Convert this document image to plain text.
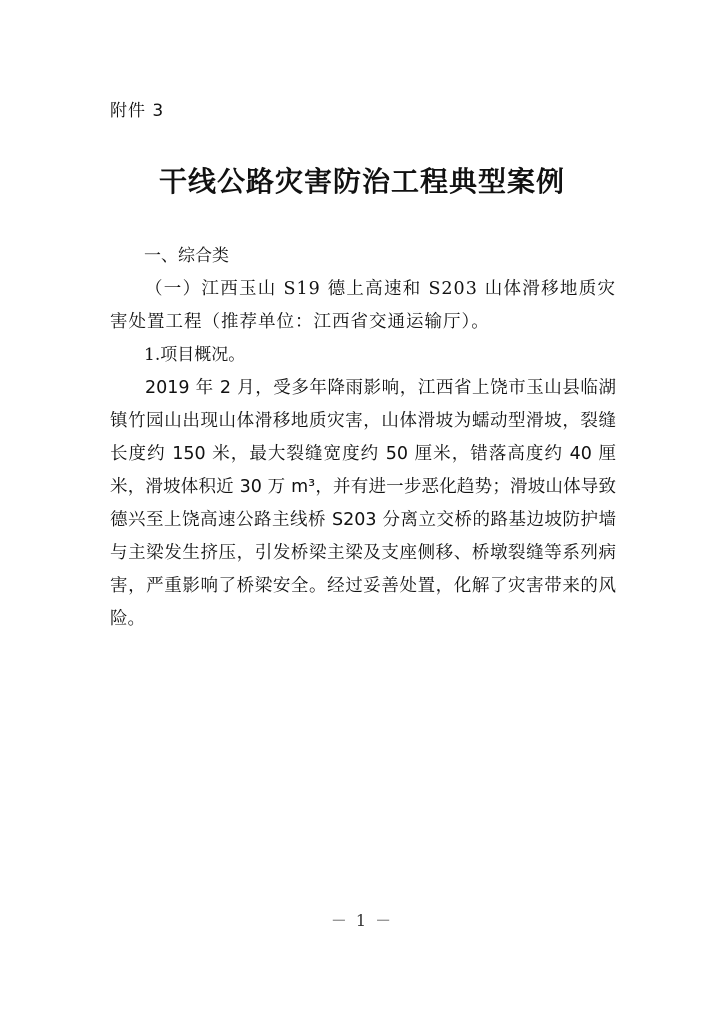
附件 3
干线公路灾害防治工程典型案例

一、综合类

（一）江西玉山 S19 德上高速和 S203 山体滑移地质灾害处置工程（推荐单位：江西省交通运输厅）。

1.项目概况。

2019 年 2 月，受多年降雨影响，江西省上饶市玉山县临湖镇竹园山出现山体滑移地质灾害，山体滑坡为蠕动型滑坡，裂缝长度约 150 米，最大裂缝宽度约 50 厘米，错落高度约 40 厘米，滑坡体积近 30 万 m³，并有进一步恶化趋势；滑坡山体导致德兴至上饶高速公路主线桥 S203 分离立交桥的路基边坡防护墙与主梁发生挤压，引发桥梁主梁及支座侧移、桥墩裂缝等系列病害，严重影响了桥梁安全。经过妥善处置，化解了灾害带来的风险。

－ 1 －
